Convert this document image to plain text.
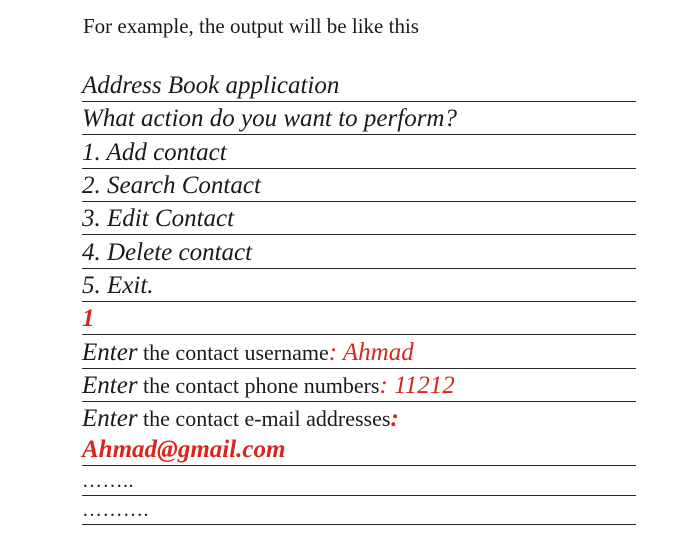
For example, the output will be like this
Address Book application
What action do you want to perform?
1. Add contact
2. Search Contact
3. Edit Contact
4. Delete contact
5. Exit.
1
Enter the contact username: Ahmad
Enter the contact phone numbers: 11212
Enter the contact e-mail addresses:
Ahmad@gmail.com
……..
……….
